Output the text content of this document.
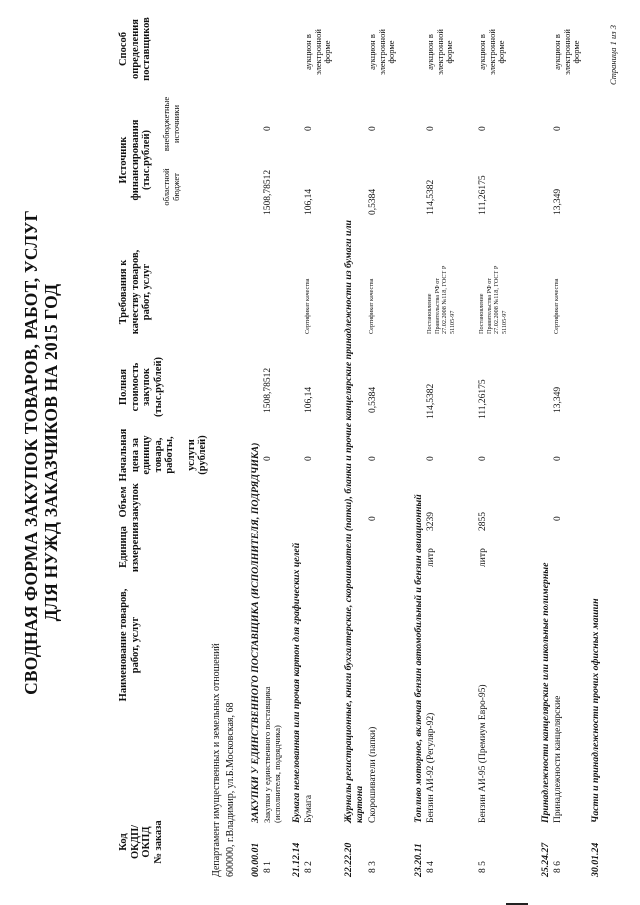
СВОДНАЯ ФОРМА ЗАКУПОК ТОВАРОВ, РАБОТ, УСЛУГ ДЛЯ НУЖД ЗАКАЗЧИКОВ НА 2015 ГОД
Код ОКДП/ ОКПД № заказа
Наименование товаров, работ, услуг
Единица измерения
Объем закупок
Начальная цена за единицу товара, работы, услуги (рублей)
Полная стоимость закупок (тыс.рублей)
Требования к качеству товаров, работ, услуг
Источник финансирования (тыс.рублей) областной бюджет
внебюджетные источники
Способ определения поставщиков
Департамент имущественных и земельных отношений 600000, г.Владимир, ул.Б.Московская, 68 00.00.01
ЗАКУПКИ У ЕДИНСТВЕННОГО ПОСТАВЩИКА (ИСПОЛНИТЕЛЯ, ПОДРЯДЧИКА)
8 1
Закупки у единственного поставщика (исполнителя, подрядчика)
0
1508,78512
1508,78512
0
21.12.14
Бумага немелованная или прочая картон для графических целей
8 2
Бумага
0
106,14
Сертификат качества
106,14
0
аукцион в электронной форме
22.22.20
Журналы регистрационные, книги бухгалтерские, скорошиватели (папки), бланки и прочие канцелярские принадлежности из бумаги или картона
8 3
Скорошиватели (папки)
0
0
0,5384
Сертификат качества
0,5384
0
аукцион в электронной форме
23.20.11
Топливо моторное, включая бензин автомобильный и бензин авиационный
8 4
Бензин АИ-92 (Регуляр-92)
литр
3239
0
114,5382
Постановление Правительства РФ от 27.02.2008 №118, ГОСТ Р 51105-97
114,5382
0
аукцион в электронной форме
8 5
Бензин АИ-95 (Премиум Евро-95)
литр
2855
0
111,26175
Постановление Правительства РФ от 27.02.2008 №118, ГОСТ Р 51105-97
111,26175
0
аукцион в электронной форме
25.24.27
Принадлежности канцелярские или школьные полимерные
8 6
Принадлежности канцелярские
0
0
13,349
Сертификат качества
13,349
0
аукцион в электронной форме
30.01.24
Части и принадлежности прочих офисных машин
Страница 1 из 3
